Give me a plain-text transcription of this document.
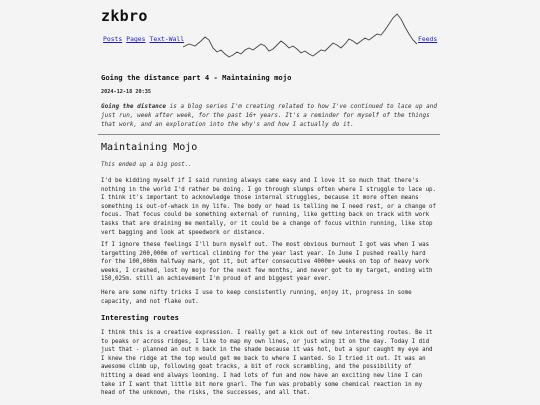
zkbro
Posts Pages Text-Wall	Feeds
Going the distance part 4 - Maintaining mojo
2024-12-18 20:35
Going the distance is a blog series I'm creating related to how I've continued to lace up and just run, week after week, for the past 16+ years. It's a reminder for myself of the things that work, and an exploration into the why's and how I actually do it.
Maintaining Mojo
This ended up a big post..

I'd be kidding myself if I said running always came easy and I love it so much that there's nothing in the world I'd rather be doing. I go through slumps often where I struggle to lace up. I think it's important to acknowledge those internal struggles, because it more often means something is out-of-whack in my life. The body or head is telling me I need rest, or a change of focus. That focus could be something external of running, like getting back on track with work tasks that are draining me mentally, or it could be a change of focus within running, like stop vert bagging and look at speedwork or distance.

If I ignore these feelings I'll burn myself out. The most obvious burnout I got was when I was targetting 200,000m of vertical climbing for the year last year. In June I pushed really hard for the 100,000m halfway mark, got it, but after consecutive 4000m+ weeks on top of heavy work weeks, I crashed, lost my mojo for the next few months, and never got to my target, ending with 150,025m. still an achievement I'm proud of and biggest year ever.

Here are some nifty tricks I use to keep consistently running, enjoy it, progress in some capacity, and not flake out.

Interesting routes

I think this is a creative expression. I really get a kick out of new interesting routes. Be it to peaks or across ridges, I like to map my own lines, or just wing it on the day. Today I did just that - planned an out n back in the shade because it was hot, but a spur caught my eye and I knew the ridge at the top would get me back to where I wanted. So I tried it out. It was an awesome climb up, following goat tracks, a bit of rock scrambling, and the possibility of hitting a dead end always looming. I had lots of fun and now have an exciting new line I can take if I want that little bit more gnarl. The fun was probably some chemical reaction in my head of the unknown, the risks, the successes, and all that.
